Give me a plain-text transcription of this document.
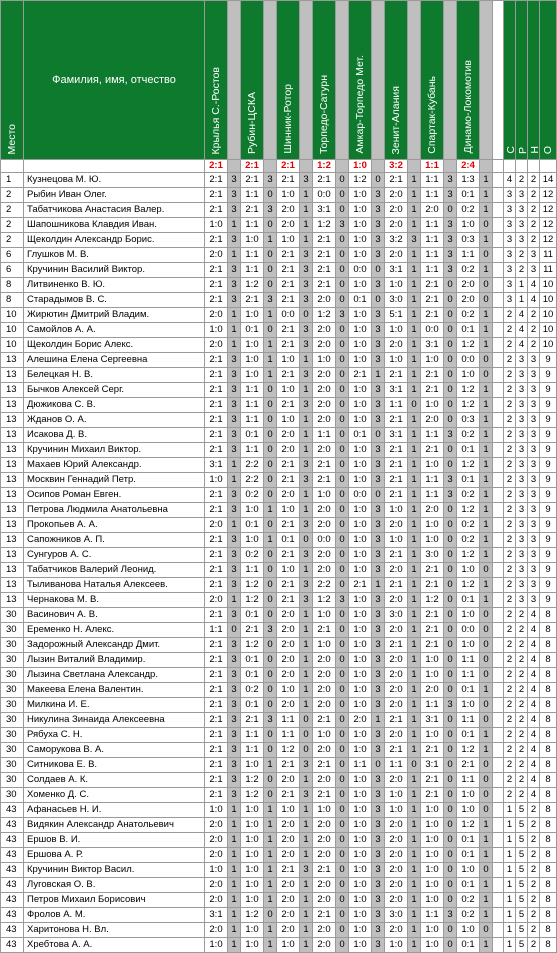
Место	Фамилия, имя, отчество	Крылья С.-Ростов		Рубин-ЦСКА		Шинник-Ротор		Торпедо-Сатурн		Амкар-Торпедо Мет.		Зенит-Алания		Спартак-Кубань		Динамо-Локомотив			С	Р	Н	О
		2:1		2:1		2:1		1:2		1:0		3:2		1:1		2:4						
1	Кузнецова М. Ю.	2:1	3	2:1	3	2:1	3	2:1	0	1:2	0	2:1	1	1:1	3	1:3	1		4	2	2	14
2	Рыбин Иван Олег.	2:1	3	1:1	0	1:0	1	0:0	0	1:0	3	2:0	1	1:1	3	0:1	1		3	3	2	12
2	Табатчикова Анастасия Валер.	2:1	3	2:1	3	2:0	1	3:1	0	1:0	3	2:0	1	2:0	0	0:2	1		3	3	2	12
2	Шапошникова Клавдия Иван.	1:0	1	1:1	0	2:0	1	1:2	3	1:0	3	2:0	1	1:1	3	1:0	0		3	3	2	12
2	Щеколдин Александр Борис.	2:1	3	1:0	1	1:0	1	2:1	0	1:0	3	3:2	3	1:1	3	0:3	1		3	3	2	12
6	Глушков М. В.	2:0	1	1:1	0	2:1	3	2:1	0	1:0	3	2:0	1	1:1	3	1:1	0		3	2	3	11
6	Кручинин Василий Виктор.	2:1	3	1:1	0	2:1	3	2:1	0	0:0	0	3:1	1	1:1	3	0:2	1		3	2	3	11
8	Литвиненко В. Ю.	2:1	3	1:2	0	2:1	3	2:1	0	1:0	3	1:0	1	2:1	0	2:0	0		3	1	4	10
8	Старадымов В. С.	2:1	3	2:1	3	2:1	3	2:0	0	0:1	0	3:0	1	2:1	0	2:0	0		3	1	4	10
10	Жирютин Дмитрий Владим.	2:0	1	1:0	1	0:0	0	1:2	3	1:0	3	5:1	1	2:1	0	0:2	1		2	4	2	10
10	Самойлов А. А.	1:0	1	0:1	0	2:1	3	2:0	0	1:0	3	1:0	1	0:0	0	0:1	1		2	4	2	10
10	Щеколдин Борис Алекс.	2:0	1	1:0	1	2:1	3	2:0	0	1:0	3	2:0	1	3:1	0	1:2	1		2	4	2	10
13	Алешина Елена Сергеевна	2:1	3	1:0	1	1:0	1	1:0	0	1:0	3	1:0	1	1:0	0	0:0	0		2	3	3	9
13	Белецкая Н. В.	2:1	3	1:0	1	2:1	3	2:0	0	2:1	1	2:1	1	2:1	0	1:0	0		2	3	3	9
13	Бычков Алексей Серг.	2:1	3	1:1	0	1:0	1	2:0	0	1:0	3	3:1	1	2:1	0	1:2	1		2	3	3	9
13	Дюжикова С. В.	2:1	3	1:1	0	2:1	3	2:0	0	1:0	3	1:1	0	1:0	0	1:2	1		2	3	3	9
13	Жданов О. А.	2:1	3	1:1	0	1:0	1	2:0	0	1:0	3	2:1	1	2:0	0	0:3	1		2	3	3	9
13	Исакова Д. В.	2:1	3	0:1	0	2:0	1	1:1	0	0:1	0	3:1	1	1:1	3	0:2	1		2	3	3	9
13	Кручинин Михаил Виктор.	2:1	3	1:1	0	2:0	1	2:0	0	1:0	3	2:1	1	2:1	0	0:1	1		2	3	3	9
13	Махаев Юрий Александр.	3:1	1	2:2	0	2:1	3	2:1	0	1:0	3	2:1	1	1:0	0	1:2	1		2	3	3	9
13	Москвин Геннадий Петр.	1:0	1	2:2	0	2:1	3	2:1	0	1:0	3	2:1	1	1:1	3	0:1	1		2	3	3	9
13	Осипов Роман Евген.	2:1	3	0:2	0	2:0	1	1:0	0	0:0	0	2:1	1	1:1	3	0:2	1		2	3	3	9
13	Петрова Людмила Анатольевна	2:1	3	1:0	1	1:0	1	2:0	0	1:0	3	1:0	1	2:0	0	1:2	1		2	3	3	9
13	Прокопьев А. А.	2:0	1	0:1	0	2:1	3	2:0	0	1:0	3	2:0	1	1:0	0	0:2	1		2	3	3	9
13	Сапожников А. П.	2:1	3	1:0	1	0:1	0	0:0	0	1:0	3	1:0	1	1:0	0	0:2	1		2	3	3	9
13	Сунгуров А. С.	2:1	3	0:2	0	2:1	3	2:0	0	1:0	3	2:1	1	3:0	0	1:2	1		2	3	3	9
13	Табатчиков Валерий Леонид.	2:1	3	1:1	0	1:0	1	2:0	0	1:0	3	2:0	1	2:1	0	1:0	0		2	3	3	9
13	Тыливанова Наталья Алексеев.	2:1	3	1:2	0	2:1	3	2:2	0	2:1	1	2:1	1	2:1	0	1:2	1		2	3	3	9
13	Чернакова М. В.	2:0	1	1:2	0	2:1	3	1:2	3	1:0	3	2:0	1	1:2	0	0:1	1		2	3	3	9
30	Васинович А. В.	2:1	3	0:1	0	2:0	1	1:0	0	1:0	3	3:0	1	2:1	0	1:0	0		2	2	4	8
30	Еременко Н. Алекс.	1:1	0	2:1	3	2:0	1	2:1	0	1:0	3	2:0	1	2:1	0	0:0	0		2	2	4	8
30	Задорожный Александр Дмит.	2:1	3	1:2	0	2:0	1	1:0	0	1:0	3	2:1	1	2:1	0	1:0	0		2	2	4	8
30	Лызин Виталий Владимир.	2:1	3	0:1	0	2:0	1	2:0	0	1:0	3	2:0	1	1:0	0	1:1	0		2	2	4	8
30	Лызина Светлана Александр.	2:1	3	0:1	0	2:0	1	2:0	0	1:0	3	2:0	1	1:0	0	1:1	0		2	2	4	8
30	Макеева Елена Валентин.	2:1	3	0:2	0	1:0	1	2:0	0	1:0	3	2:0	1	2:0	0	0:1	1		2	2	4	8
30	Милкина И. Е.	2:1	3	0:1	0	2:0	1	2:0	0	1:0	3	2:0	1	1:1	3	1:0	0		2	2	4	8
30	Никулина Зинаида Алексеевна	2:1	3	2:1	3	1:1	0	2:1	0	2:0	1	2:1	1	3:1	0	1:1	0		2	2	4	8
30	Рябуха С. Н.	2:1	3	1:1	0	1:1	0	1:0	0	1:0	3	2:0	1	1:0	0	0:1	1		2	2	4	8
30	Саморукова В. А.	2:1	3	1:1	0	1:2	0	2:0	0	1:0	3	2:1	1	2:1	0	1:2	1		2	2	4	8
30	Ситникова Е. В.	2:1	3	1:0	1	2:1	3	2:1	0	1:1	0	1:1	0	3:1	0	2:1	0		2	2	4	8
30	Солдаев А. К.	2:1	3	1:2	0	2:0	1	2:0	0	1:0	3	2:0	1	2:1	0	1:1	0		2	2	4	8
30	Хоменко Д. С.	2:1	3	1:2	0	2:1	3	2:1	0	1:0	3	1:0	1	2:1	0	1:0	0		2	2	4	8
43	Афанасьев Н. И.	1:0	1	1:0	1	1:0	1	1:0	0	1:0	3	1:0	1	1:0	0	1:0	0		1	5	2	8
43	Видякин Александр Анатольевич	2:0	1	1:0	1	2:0	1	2:0	0	1:0	3	2:0	1	1:0	0	1:2	1		1	5	2	8
43	Ершов В. И.	2:0	1	1:0	1	2:0	1	2:0	0	1:0	3	2:0	1	1:0	0	0:1	1		1	5	2	8
43	Ершова А. Р.	2:0	1	1:0	1	2:0	1	2:0	0	1:0	3	2:0	1	1:0	0	0:1	1		1	5	2	8
43	Кручинин Виктор Васил.	1:0	1	1:0	1	2:1	3	2:1	0	1:0	3	2:0	1	1:0	0	1:0	0		1	5	2	8
43	Луговская О. В.	2:0	1	1:0	1	2:0	1	2:0	0	1:0	3	2:0	1	1:0	0	0:1	1		1	5	2	8
43	Петров Михаил Борисович	2:0	1	1:0	1	2:0	1	2:0	0	1:0	3	2:0	1	1:0	0	0:2	1		1	5	2	8
43	Фролов А. М.	3:1	1	1:2	0	2:0	1	2:1	0	1:0	3	3:0	1	1:1	3	0:2	1		1	5	2	8
43	Харитонова Н. Вл.	2:0	1	1:0	1	2:0	1	2:0	0	1:0	3	2:0	1	1:0	0	1:0	0		1	5	2	8
43	Хребтова А. А.	1:0	1	1:0	1	1:0	1	2:0	0	1:0	3	1:0	1	1:0	0	0:1	1		1	5	2	8
